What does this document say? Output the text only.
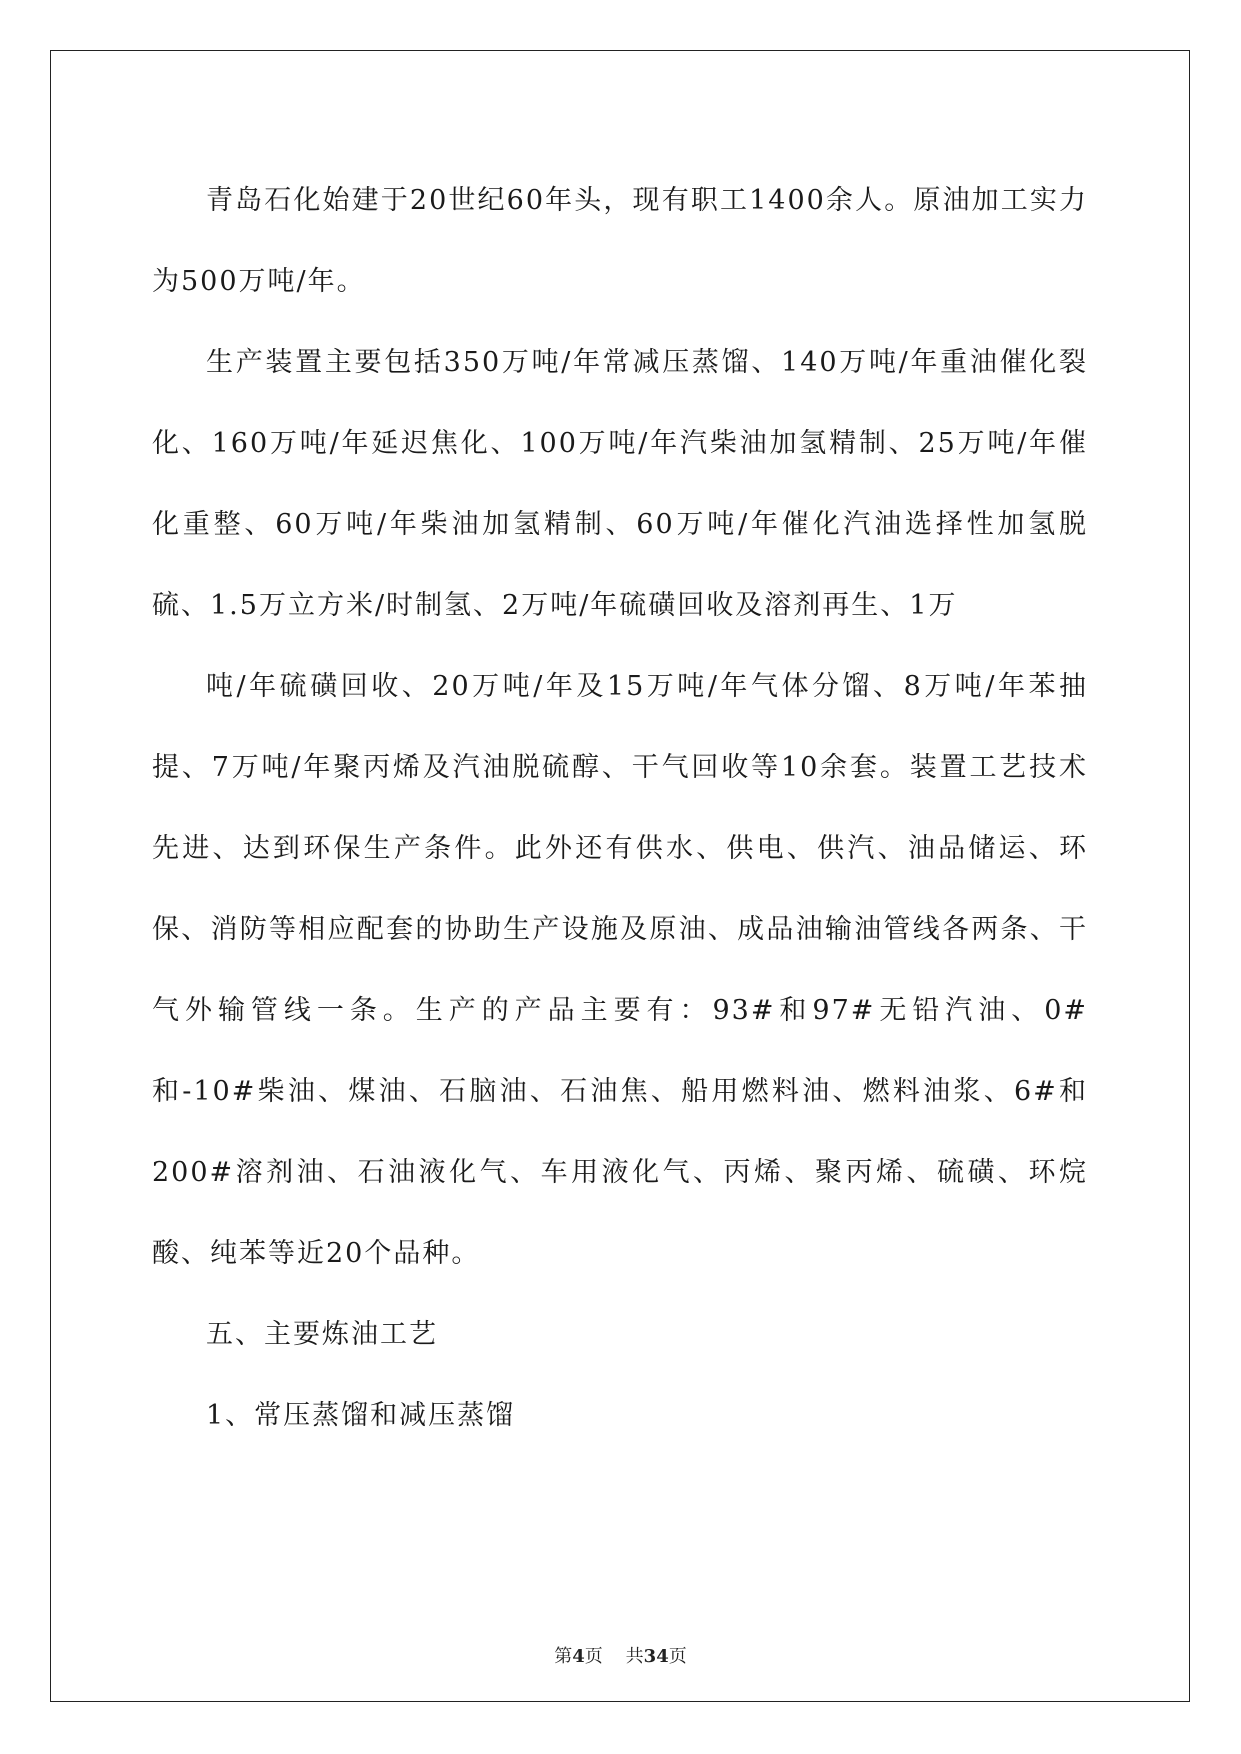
青岛石化始建于20世纪60年头，现有职工1400余人。原油加工实力为500万吨/年。

生产装置主要包括350万吨/年常减压蒸馏、140万吨/年重油催化裂化、160万吨/年延迟焦化、100万吨/年汽柴油加氢精制、25万吨/年催化重整、60万吨/年柴油加氢精制、60万吨/年催化汽油选择性加氢脱硫、1.5万立方米/时制氢、2万吨/年硫磺回收及溶剂再生、1万

吨/年硫磺回收、20万吨/年及15万吨/年气体分馏、8万吨/年苯抽提、7万吨/年聚丙烯及汽油脱硫醇、干气回收等10余套。装置工艺技术先进、达到环保生产条件。此外还有供水、供电、供汽、油品储运、环保、消防等相应配套的协助生产设施及原油、成品油输油管线各两条、干气外输管线一条。生产的产品主要有：93#和97#无铅汽油、0#和-10#柴油、煤油、石脑油、石油焦、船用燃料油、燃料油浆、6#和200#溶剂油、石油液化气、车用液化气、丙烯、聚丙烯、硫磺、环烷酸、纯苯等近20个品种。

五、主要炼油工艺

1、常压蒸馏和减压蒸馏

第4页 共34页
